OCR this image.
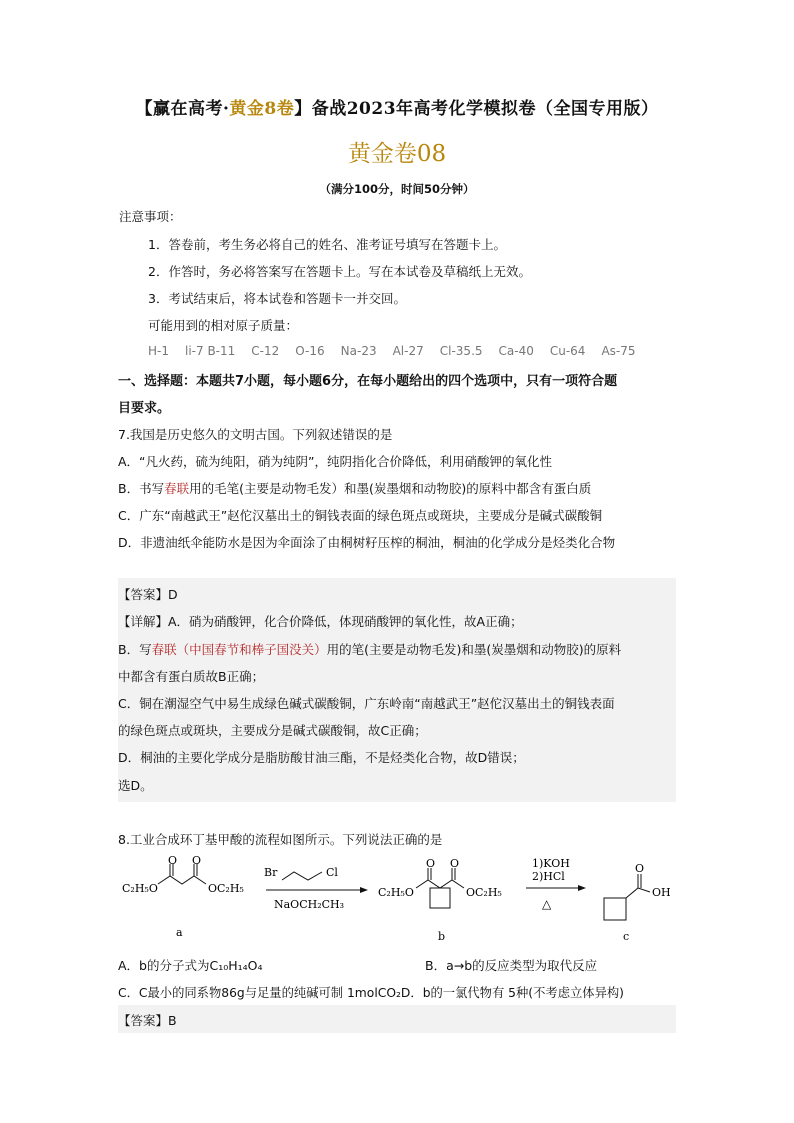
【赢在高考·黄金8卷】备战2023年高考化学模拟卷（全国专用版）
黄金卷08
（满分100分，时间50分钟）
注意事项：
1．答卷前，考生务必将自己的姓名、准考证号填写在答题卡上。
2．作答时，务必将答案写在答题卡上。写在本试卷及草稿纸上无效。
3．考试结束后，将本试卷和答题卡一并交回。
可能用到的相对原子质量：
H-1 li-7 B-11 C-12 O-16 Na-23 Al-27 Cl-35.5 Ca-40 Cu-64 As-75
一、选择题：本题共7小题，每小题6分，在每小题给出的四个选项中，只有一项符合题
目要求。
7.我国是历史悠久的文明古国。下列叙述错误的是
A．“凡火药，硫为纯阳，硝为纯阴”，纯阴指化合价降低，利用硝酸钾的氧化性
B．书写春联用的毛笔(主要是动物毛发）和墨(炭墨烟和动物胶)的原料中都含有蛋白质
C．广东“南越武王”赵佗汉墓出土的铜钱表面的绿色斑点或斑块，主要成分是碱式碳酸铜
D．非遗油纸伞能防水是因为伞面涂了由桐树籽压榨的桐油，桐油的化学成分是烃类化合物
【答案】D
【详解】A．硝为硝酸钾，化合价降低，体现硝酸钾的氧化性，故A正确；
B．写春联（中国春节和棒子国没关）用的笔(主要是动物毛发)和墨(炭墨烟和动物胶)的原料
中都含有蛋白质故B正确；
C．铜在潮湿空气中易生成绿色碱式碳酸铜，广东岭南“南越武王”赵佗汉墓出土的铜钱表面
的绿色斑点或斑块，主要成分是碱式碳酸铜，故C正确；
D．桐油的主要化学成分是脂肪酸甘油三酯，不是烃类化合物，故D错误；
选D。
8.工业合成环丁基甲酸的流程如图所示。下列说法正确的是
O O
C₂H₅O	OC₂H₅
a
Br	Cl
NaOCH₂CH₃
O O
C₂H₅O	OC₂H₅
b
1)KOH
2)HCl
△
O
OH
c
A．b的分子式为C₁₀H₁₄O₄	B．a→b的反应类型为取代反应
C．C最小的同系物86g与足量的纯碱可制 1molCO₂D．b的一氯代物有 5种(不考虑立体异构)
【答案】B
